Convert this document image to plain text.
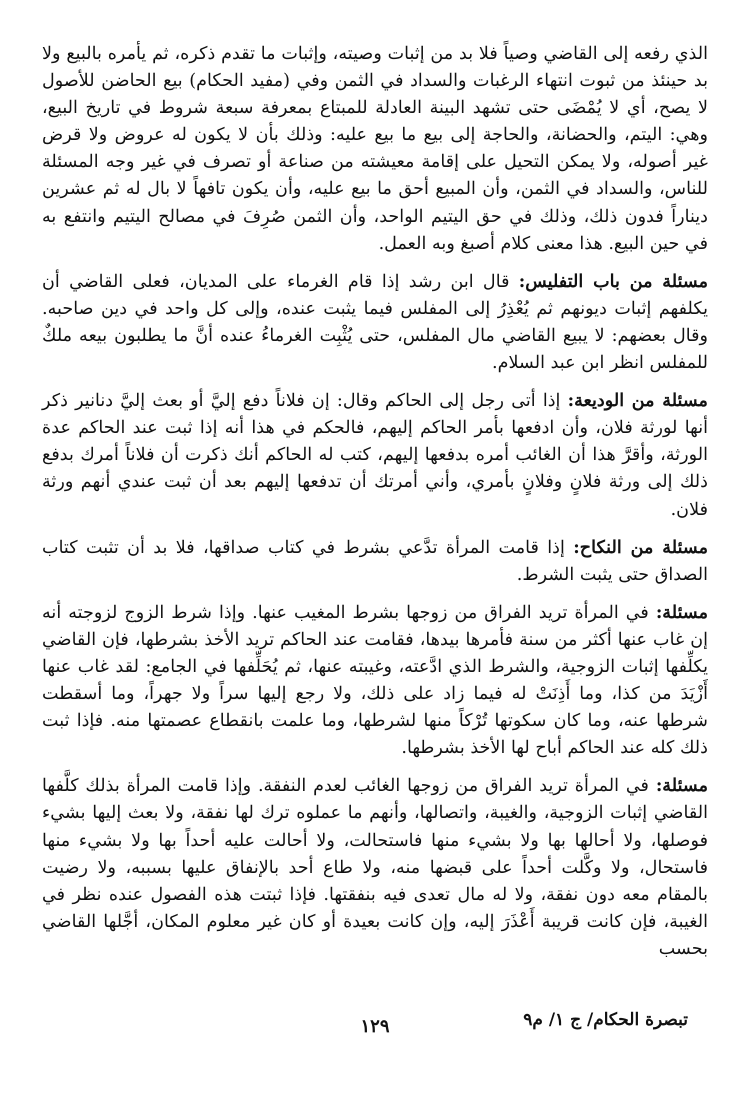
الذي رفعه إلى القاضي وصياً فلا بد من إثبات وصيته، وإثبات ما تقدم ذكره، ثم يأمره بالبيع ولا بد حينئذ من ثبوت انتهاء الرغبات والسداد في الثمن وفي (مفيد الحكام) بيع الحاضن للأصول لا يصح، أي لا يُمْضَى حتى تشهد البينة العادلة للمبتاع بمعرفة سبعة شروط في تاريخ البيع، وهي: اليتم، والحضانة، والحاجة إلى بيع ما بيع عليه: وذلك بأن لا يكون له عروض ولا قرض غير أصوله، ولا يمكن التحيل على إقامة معيشته من صناعة أو تصرف في غير وجه المسئلة للناس، والسداد في الثمن، وأن المبيع أحق ما بيع عليه، وأن يكون تافهاً لا بال له ثم عشرين ديناراً فدون ذلك، وذلك في حق اليتيم الواحد، وأن الثمن صُرِفَ في مصالح اليتيم وانتفع به في حين البيع. هذا معنى كلام أصبغ وبه العمل.

مسئلة من باب التفليس: قال ابن رشد إذا قام الغرماء على المديان، فعلى القاضي أن يكلفهم إثبات ديونهم ثم يُعْذِرُ إلى المفلس فيما يثبت عنده، وإلى كل واحد في دين صاحبه. وقال بعضهم: لا يبيع القاضي مال المفلس، حتى يُثْبِت الغرماءُ عنده أنَّ ما يطلبون بيعه ملكٌ للمفلس انظر ابن عبد السلام.

مسئلة من الوديعة: إذا أتى رجل إلى الحاكم وقال: إن فلاناً دفع إليَّ أو بعث إليَّ دنانير ذكر أنها لورثة فلان، وأن ادفعها بأمر الحاكم إليهم، فالحكم في هذا أنه إذا ثبت عند الحاكم عدة الورثة، وأقرَّ هذا أن الغائب أمره بدفعها إليهم، كتب له الحاكم أنك ذكرت أن فلاناً أمرك بدفع ذلك إلى ورثة فلانٍ وفلانٍ بأمري، وأني أمرتك أن تدفعها إليهم بعد أن ثبت عندي أنهم ورثة فلان.

مسئلة من النكاح: إذا قامت المرأة تدَّعي بشرط في كتاب صداقها، فلا بد أن تثبت كتاب الصداق حتى يثبت الشرط.

مسئلة: في المرأة تريد الفراق من زوجها بشرط المغيب عنها. وإذا شرط الزوج لزوجته أنه إن غاب عنها أكثر من سنة فأمرها بيدها، فقامت عند الحاكم تريد الأخذ بشرطها، فإن القاضي يكلِّفها إثبات الزوجية، والشرط الذي ادَّعته، وغيبته عنها، ثم يُحَلِّفها في الجامع: لقد غاب عنها أَزْيَدَ من كذا، وما أَذِنَتْ له فيما زاد على ذلك، ولا رجع إليها سراً ولا جهراً، وما أسقطت شرطها عنه، وما كان سكوتها تُرْكاً منها لشرطها، وما علمت بانقطاع عصمتها منه. فإذا ثبت ذلك كله عند الحاكم أباح لها الأخذ بشرطها.

مسئلة: في المرأة تريد الفراق من زوجها الغائب لعدم النفقة. وإذا قامت المرأة بذلك كلَّفها القاضي إثبات الزوجية، والغيبة، واتصالها، وأنهم ما عملوه ترك لها نفقة، ولا بعث إليها بشيء فوصلها، ولا أحالها بها ولا بشيء منها فاستحالت، ولا أحالت عليه أحداً بها ولا بشيء منها فاستحال، ولا وكَّلت أحداً على قبضها منه، ولا طاع أحد بالإنفاق عليها بسببه، ولا رضيت بالمقام معه دون نفقة، ولا له مال تعدى فيه بنفقتها. فإذا ثبتت هذه الفصول عنده نظر في الغيبة، فإن كانت قريبة أَعْذَرَ إليه، وإن كانت بعيدة أو كان غير معلوم المكان، أجَّلها القاضي بحسب

تبصرة الحكام/ ج ١/ م٩
١٢٩
